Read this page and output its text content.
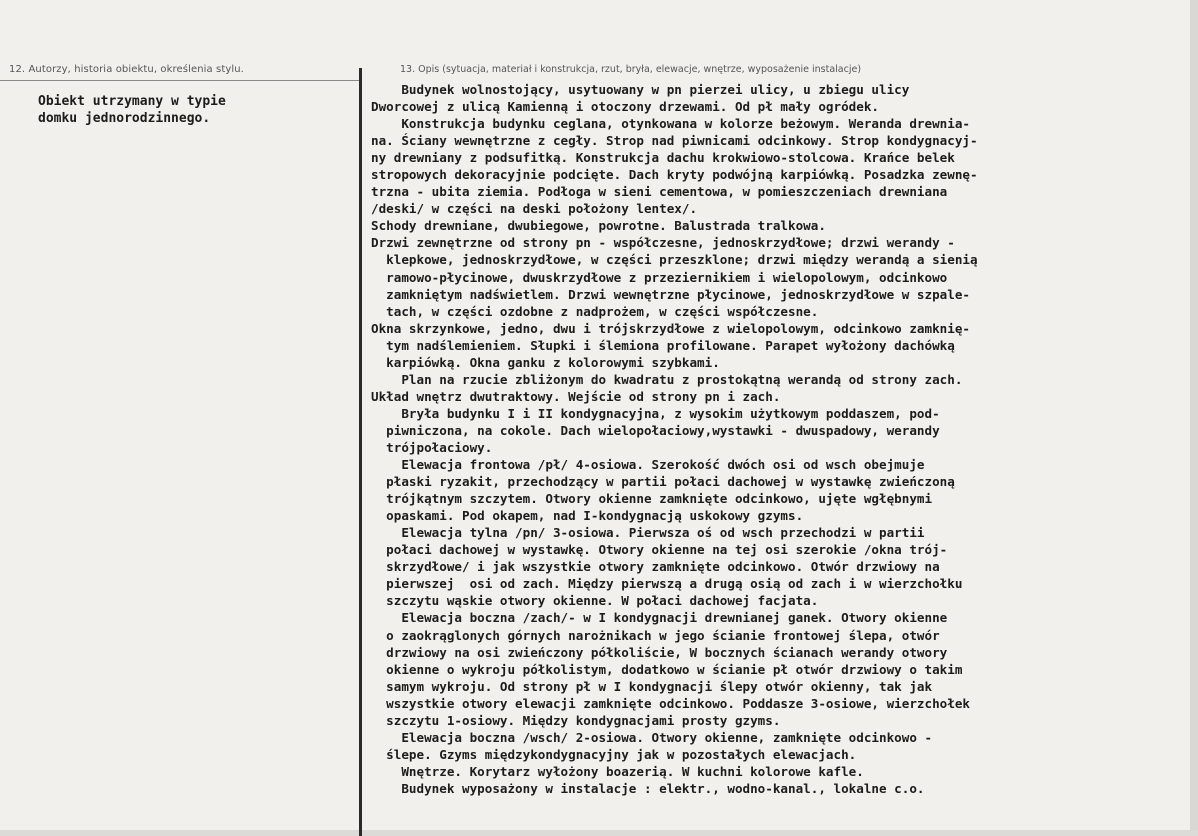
12. Autorzy, historia obiektu, określenia stylu.	13. Opis (sytuacja, materiał i konstrukcja, rzut, bryła, elewacje, wnętrze, wyposażenie instalacje)
Obiekt utrzymany w typie
domku jednorodzinnego.
Budynek wolnostojący, usytuowany w pn pierzei ulicy, u zbiegu ulicy
Dworcowej z ulicą Kamienną i otoczony drzewami. Od pł mały ogródek.
Konstrukcja budynku ceglana, otynkowana w kolorze beżowym. Weranda drewnia-
na. Ściany wewnętrzne z cegły. Strop nad piwnicami odcinkowy. Strop kondygnacyj-
ny drewniany z podsufitką. Konstrukcja dachu krokwiowo-stolcowa. Krańce belek
stropowych dekoracyjnie podcięte. Dach kryty podwójną karpiówką. Posadzka zewnę-
trzna - ubita ziemia. Podłoga w sieni cementowa, w pomieszczeniach drewniana
/deski/ w części na deski położony lentex/.
Schody drewniane, dwubiegowe, powrotne. Balustrada tralkowa.
Drzwi zewnętrzne od strony pn - współczesne, jednoskrzydłowe; drzwi werandy -
klepkowe, jednoskrzydłowe, w części przeszklone; drzwi między werandą a sienią
ramowo-płycinowe, dwuskrzydłowe z przeziernikiem i wielopolowym, odcinkowo
zamkniętym nadświetlem. Drzwi wewnętrzne płycinowe, jednoskrzydłowe w szpale-
tach, w części ozdobne z nadprożem, w części współczesne.
Okna skrzynkowe, jedno, dwu i trójskrzydłowe z wielopolowym, odcinkowo zamknię-
tym nadślemieniem. Słupki i ślemiona profilowane. Parapet wyłożony dachówką
karpiówką. Okna ganku z kolorowymi szybkami.
Plan na rzucie zbliżonym do kwadratu z prostokątną werandą od strony zach.
Układ wnętrz dwutraktowy. Wejście od strony pn i zach.
Bryła budynku I i II kondygnacyjna, z wysokim użytkowym poddaszem, pod-
piwniczona, na cokole. Dach wielopołaciowy,wystawki - dwuspadowy, werandy
trójpołaciowy.
Elewacja frontowa /pł/ 4-osiowa. Szerokość dwóch osi od wsch obejmuje
płaski ryzakit, przechodzący w partii połaci dachowej w wystawkę zwieńczoną
trójkątnym szczytem. Otwory okienne zamknięte odcinkowo, ujęte wgłębnymi
opaskami. Pod okapem, nad I-kondygnacją uskokowy gzyms.
Elewacja tylna /pn/ 3-osiowa. Pierwsza oś od wsch przechodzi w partii
połaci dachowej w wystawkę. Otwory okienne na tej osi szerokie /okna trój-
skrzydłowe/ i jak wszystkie otwory zamknięte odcinkowo. Otwór drzwiowy na
pierwszej  osi od zach. Między pierwszą a drugą osią od zach i w wierzchołku
szczytu wąskie otwory okienne. W połaci dachowej facjata.
Elewacja boczna /zach/- w I kondygnacji drewnianej ganek. Otwory okienne
o zaokrąglonych górnych narożnikach w jego ścianie frontowej ślepa, otwór
drzwiowy na osi zwieńczony półkoliście, W bocznych ścianach werandy otwory
okienne o wykroju półkolistym, dodatkowo w ścianie pł otwór drzwiowy o takim
samym wykroju. Od strony pł w I kondygnacji ślepy otwór okienny, tak jak
wszystkie otwory elewacji zamknięte odcinkowo. Poddasze 3-osiowe, wierzchołek
szczytu 1-osiowy. Między kondygnacjami prosty gzyms.
Elewacja boczna /wsch/ 2-osiowa. Otwory okienne, zamknięte odcinkowo -
ślepe. Gzyms międzykondygnacyjny jak w pozostałych elewacjach.
Wnętrze. Korytarz wyłożony boazerią. W kuchni kolorowe kafle.
Budynek wyposażony w instalacje : elektr., wodno-kanal., lokalne c.o.
